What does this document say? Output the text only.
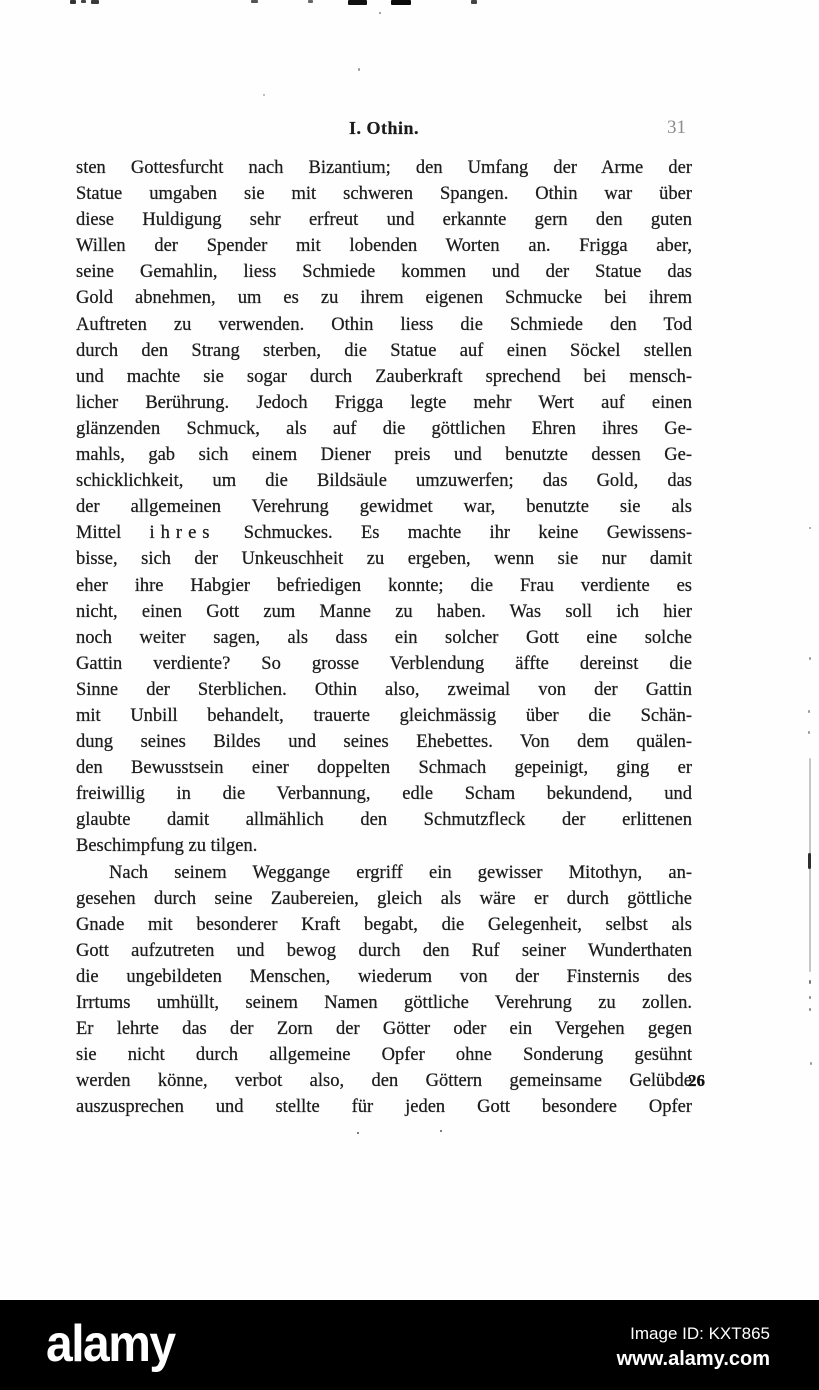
I. Othin.	31
sten Gottesfurcht nach Bizantium; den Umfang der Arme der
Statue umgaben sie mit schweren Spangen. Othin war über
diese Huldigung sehr erfreut und erkannte gern den guten
Willen der Spender mit lobenden Worten an. Frigga aber,
seine Gemahlin, liess Schmiede kommen und der Statue das
Gold abnehmen, um es zu ihrem eigenen Schmucke bei ihrem
Auftreten zu verwenden. Othin liess die Schmiede den Tod
durch den Strang sterben, die Statue auf einen Söckel stellen
und machte sie sogar durch Zauberkraft sprechend bei mensch-
licher Berührung. Jedoch Frigga legte mehr Wert auf einen
glänzenden Schmuck, als auf die göttlichen Ehren ihres Ge-
mahls, gab sich einem Diener preis und benutzte dessen Ge-
schicklichkeit, um die Bildsäule umzuwerfen; das Gold, das
der allgemeinen Verehrung gewidmet war, benutzte sie als
Mittel ihres Schmuckes. Es machte ihr keine Gewissens-
bisse, sich der Unkeuschheit zu ergeben, wenn sie nur damit
eher ihre Habgier befriedigen konnte; die Frau verdiente es
nicht, einen Gott zum Manne zu haben. Was soll ich hier
noch weiter sagen, als dass ein solcher Gott eine solche
Gattin verdiente? So grosse Verblendung äffte dereinst die
Sinne der Sterblichen. Othin also, zweimal von der Gattin
mit Unbill behandelt, trauerte gleichmässig über die Schän-
dung seines Bildes und seines Ehebettes. Von dem quälen-
den Bewusstsein einer doppelten Schmach gepeinigt, ging er
freiwillig in die Verbannung, edle Scham bekundend, und
glaubte damit allmählich den Schmutzfleck der erlittenen
Beschimpfung zu tilgen.
Nach seinem Weggange ergriff ein gewisser Mitothyn, an-
gesehen durch seine Zaubereien, gleich als wäre er durch göttliche
Gnade mit besonderer Kraft begabt, die Gelegenheit, selbst als
Gott aufzutreten und bewog durch den Ruf seiner Wunderthaten
die ungebildeten Menschen, wiederum von der Finsternis des
Irrtums umhüllt, seinem Namen göttliche Verehrung zu zollen.
Er lehrte das der Zorn der Götter oder ein Vergehen gegen
sie nicht durch allgemeine Opfer ohne Sonderung gesühnt
werden könne, verbot also, den Göttern gemeinsame Gelübde
auszusprechen und stellte für jeden Gott besondere Opfer
26
alamy	Image ID: KXT865
www.alamy.com
